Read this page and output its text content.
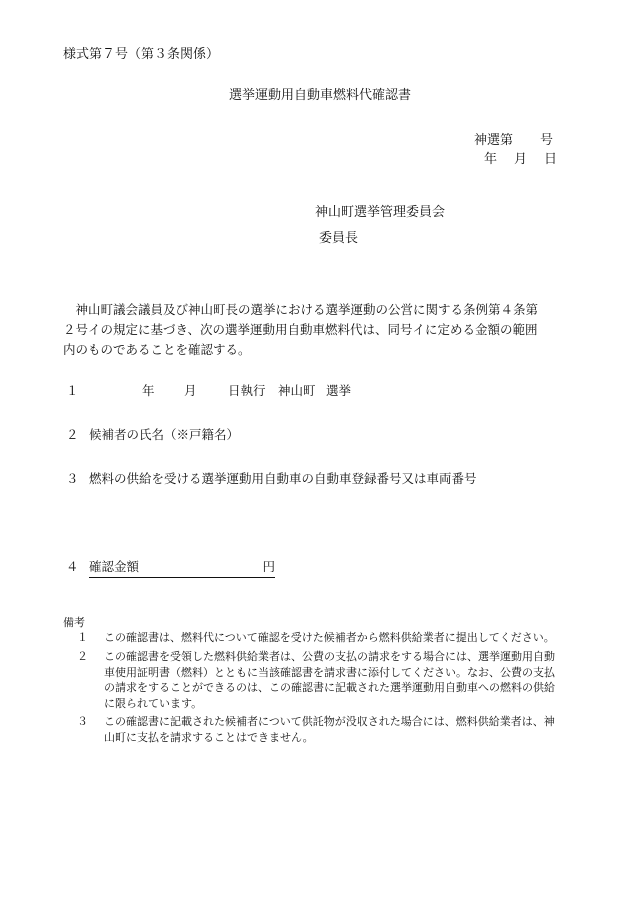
様式第７号（第３条関係）
選挙運動用自動車燃料代確認書
神選第 号
年 月 日
神山町選挙管理委員会
委員長
　神山町議会議員及び神山町長の選挙における選挙運動の公営に関する条例第４条第
２号イの規定に基づき、次の選挙運動用自動車燃料代は、同号イに定める金額の範囲
内のものであることを確認する。
１	年 月	日執行　神山町 選挙
２ 候補者の氏名（※戸籍名）
３ 燃料の供給を受ける選挙運動用自動車の自動車登録番号又は車両番号
４ 確認金額	円
備考
１ この確認書は、燃料代について確認を受けた候補者から燃料供給業者に提出してください。
２ この確認書を受領した燃料供給業者は、公費の支払の請求をする場合には、選挙運動用自動
車使用証明書（燃料）とともに当該確認書を請求書に添付してください。なお、公費の支払
の請求をすることができるのは、この確認書に記載された選挙運動用自動車への燃料の供給
に限られています。
３ この確認書に記載された候補者について供託物が没収された場合には、燃料供給業者は、神
山町に支払を請求することはできません。
